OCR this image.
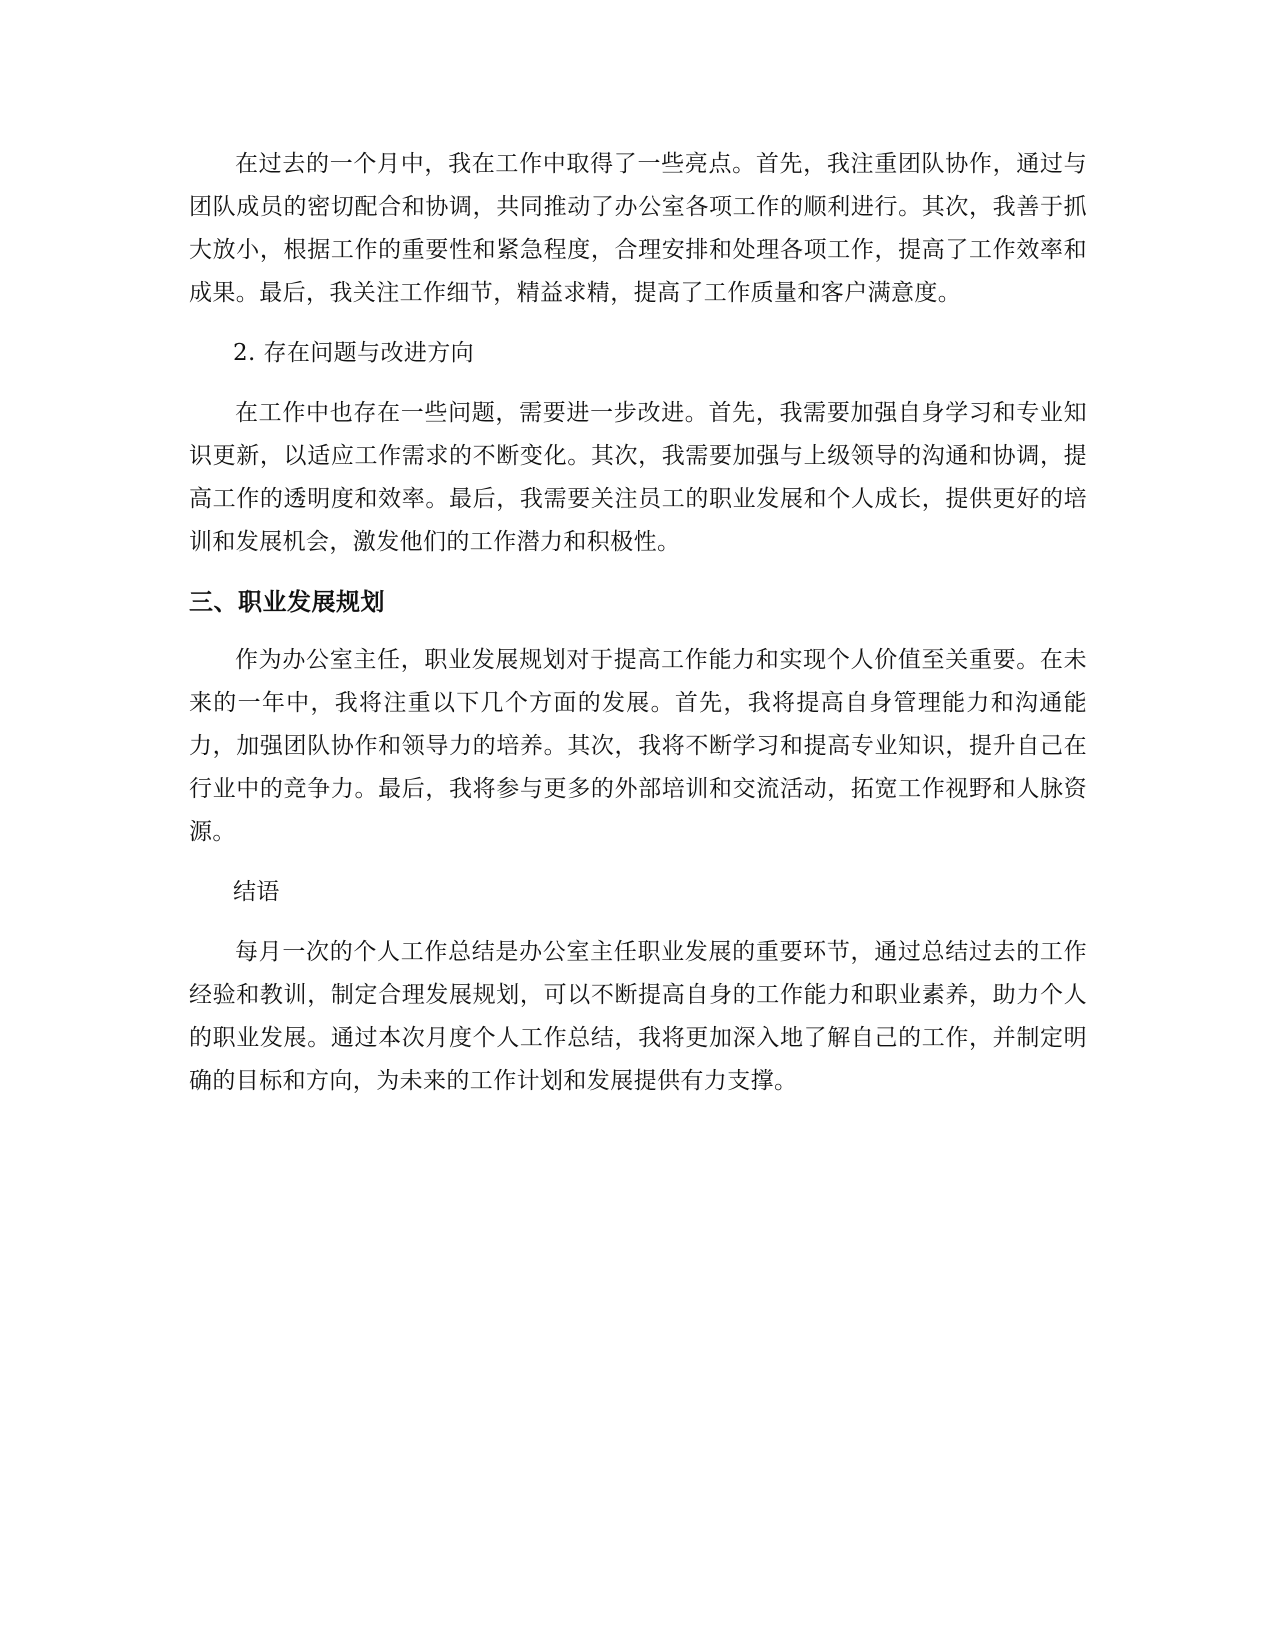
在过去的一个月中，我在工作中取得了一些亮点。首先，我注重团队协作，通过与团队成员的密切配合和协调，共同推动了办公室各项工作的顺利进行。其次，我善于抓大放小，根据工作的重要性和紧急程度，合理安排和处理各项工作，提高了工作效率和成果。最后，我关注工作细节，精益求精，提高了工作质量和客户满意度。

2. 存在问题与改进方向

在工作中也存在一些问题，需要进一步改进。首先，我需要加强自身学习和专业知识更新，以适应工作需求的不断变化。其次，我需要加强与上级领导的沟通和协调，提高工作的透明度和效率。最后，我需要关注员工的职业发展和个人成长，提供更好的培训和发展机会，激发他们的工作潜力和积极性。

三、职业发展规划

作为办公室主任，职业发展规划对于提高工作能力和实现个人价值至关重要。在未来的一年中，我将注重以下几个方面的发展。首先，我将提高自身管理能力和沟通能力，加强团队协作和领导力的培养。其次，我将不断学习和提高专业知识，提升自己在行业中的竞争力。最后，我将参与更多的外部培训和交流活动，拓宽工作视野和人脉资源。

结语

每月一次的个人工作总结是办公室主任职业发展的重要环节，通过总结过去的工作经验和教训，制定合理发展规划，可以不断提高自身的工作能力和职业素养，助力个人的职业发展。通过本次月度个人工作总结，我将更加深入地了解自己的工作，并制定明确的目标和方向，为未来的工作计划和发展提供有力支撑。
